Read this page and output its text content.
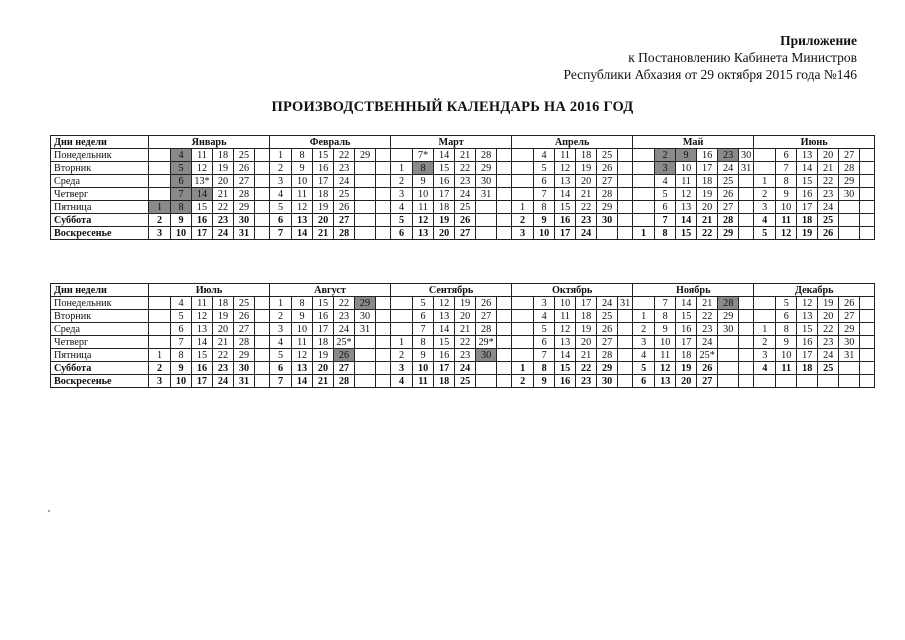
Приложение
к Постановлению Кабинета Министров
Республики Абхазия от 29 октября 2015 года №146
ПРОИЗВОДСТВЕННЫЙ КАЛЕНДАРЬ НА 2016 ГОД
Дни недели	Январь						Февраль						Март						Апрель						Май						Июнь					
Понедельник		4	11	18	25		1	8	15	22	29			7*	14	21	28			4	11	18	25			2	9	16	23	30		6	13	20	27	
Вторник		5	12	19	26		2	9	16	23			1	8	15	22	29			5	12	19	26			3	10	17	24	31		7	14	21	28	
Среда		6	13*	20	27		3	10	17	24			2	9	16	23	30			6	13	20	27			4	11	18	25		1	8	15	22	29	
Четверг		7	14	21	28		4	11	18	25			3	10	17	24	31			7	14	21	28			5	12	19	26		2	9	16	23	30	
Пятница	1	8	15	22	29		5	12	19	26			4	11	18	25			1	8	15	22	29			6	13	20	27		3	10	17	24		
Суббота	2	9	16	23	30		6	13	20	27			5	12	19	26			2	9	16	23	30			7	14	21	28		4	11	18	25		
Воскресенье	3	10	17	24	31		7	14	21	28			6	13	20	27			3	10	17	24			1	8	15	22	29		5	12	19	26		
Дни недели	Июль						Август						Сентябрь						Октябрь						Ноябрь						Декабрь					
Понедельник		4	11	18	25		1	8	15	22	29			5	12	19	26			3	10	17	24	31		7	14	21	28			5	12	19	26	
Вторник		5	12	19	26		2	9	16	23	30			6	13	20	27			4	11	18	25		1	8	15	22	29			6	13	20	27	
Среда		6	13	20	27		3	10	17	24	31			7	14	21	28			5	12	19	26		2	9	16	23	30		1	8	15	22	29	
Четверг		7	14	21	28		4	11	18	25*			1	8	15	22	29*			6	13	20	27		3	10	17	24			2	9	16	23	30	
Пятница	1	8	15	22	29		5	12	19	26			2	9	16	23	30			7	14	21	28		4	11	18	25*			3	10	17	24	31	
Суббота	2	9	16	23	30		6	13	20	27			3	10	17	24			1	8	15	22	29		5	12	19	26			4	11	18	25		
Воскресенье	3	10	17	24	31		7	14	21	28			4	11	18	25			2	9	16	23	30		6	13	20	27								
